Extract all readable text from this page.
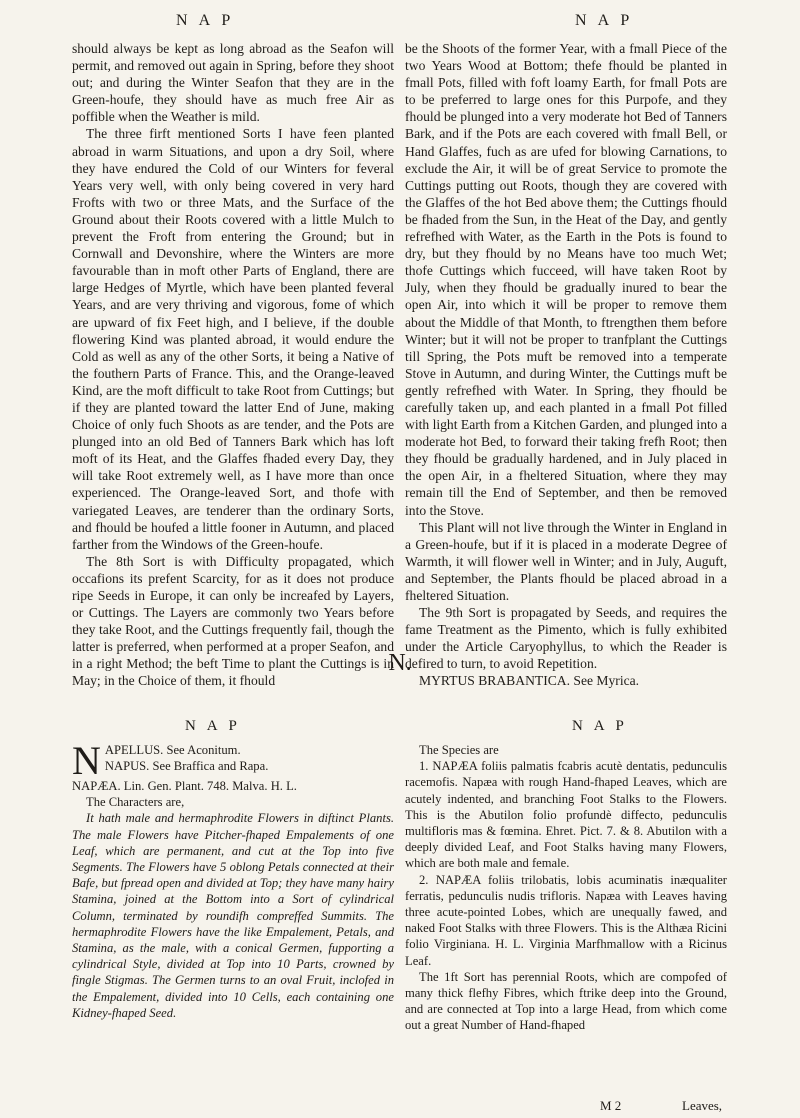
N A P	N A P

should always be kept as long abroad as the Seafon will permit, and removed out again in Spring, before they shoot out; and during the Winter Seafon that they are in the Green-houfe, they should have as much free Air as poffible when the Weather is mild.

The three firft mentioned Sorts I have feen planted abroad in warm Situations, and upon a dry Soil, where they have endured the Cold of our Winters for feveral Years very well, with only being covered in very hard Frofts with two or three Mats, and the Surface of the Ground about their Roots covered with a little Mulch to prevent the Froft from entering the Ground; but in Cornwall and Devonshire, where the Winters are more favourable than in moft other Parts of England, there are large Hedges of Myrtle, which have been planted feveral Years, and are very thriving and vigorous, fome of which are upward of fix Feet high, and I believe, if the double flowering Kind was planted abroad, it would endure the Cold as well as any of the other Sorts, it being a Native of the fouthern Parts of France. This, and the Orange-leaved Kind, are the moft difficult to take Root from Cuttings; but if they are planted toward the latter End of June, making Choice of only fuch Shoots as are tender, and the Pots are plunged into an old Bed of Tanners Bark which has loft moft of its Heat, and the Glaffes fhaded every Day, they will take Root extremely well, as I have more than once experienced. The Orange-leaved Sort, and thofe with variegated Leaves, are tenderer than the ordinary Sorts, and fhould be houfed a little fooner in Autumn, and placed farther from the Windows of the Green-houfe.

The 8th Sort is with Difficulty propagated, which occafions its prefent Scarcity, for as it does not produce ripe Seeds in Europe, it can only be increafed by Layers, or Cuttings. The Layers are commonly two Years before they take Root, and the Cuttings frequently fail, though the latter is preferred, when performed at a proper Seafon, and in a right Method; the beft Time to plant the Cuttings is in May; in the Choice of them, it fhould

be the Shoots of the former Year, with a fmall Piece of the two Years Wood at Bottom; thefe fhould be planted in fmall Pots, filled with foft loamy Earth, for fmall Pots are to be preferred to large ones for this Purpofe, and they fhould be plunged into a very moderate hot Bed of Tanners Bark, and if the Pots are each covered with fmall Bell, or Hand Glaffes, fuch as are ufed for blowing Carnations, to exclude the Air, it will be of great Service to promote the Cuttings putting out Roots, though they are covered with the Glaffes of the hot Bed above them; the Cuttings fhould be fhaded from the Sun, in the Heat of the Day, and gently refrefhed with Water, as the Earth in the Pots is found to dry, but they fhould by no Means have too much Wet; thofe Cuttings which fucceed, will have taken Root by July, when they fhould be gradually inured to bear the open Air, into which it will be proper to remove them about the Middle of that Month, to ftrengthen them before Winter; but it will not be proper to tranfplant the Cuttings till Spring, the Pots muft be removed into a temperate Stove in Autumn, and during Winter, the Cuttings muft be gently refrefhed with Water. In Spring, they fhould be carefully taken up, and each planted in a fmall Pot filled with light Earth from a Kitchen Garden, and plunged into a moderate hot Bed, to forward their taking frefh Root; then they fhould be gradually hardened, and in July placed in the open Air, in a fheltered Situation, where they may remain till the End of September, and then be removed into the Stove.

This Plant will not live through the Winter in England in a Green-houfe, but if it is placed in a moderate Degree of Warmth, it will flower well in Winter; and in July, Auguft, and September, the Plants fhould be placed abroad in a fheltered Situation.

The 9th Sort is propagated by Seeds, and requires the fame Treatment as the Pimento, which is fully exhibited under the Article Caryophyllus, to which the Reader is defired to turn, to avoid Repetition.

MYRTUS BRABANTICA. See Myrica.

N.
N A P	N A P
N APELLUS. See Aconitum.

NAPUS. See Braffica and Rapa.

NAPÆA. Lin. Gen. Plant. 748. Malva. H. L.

The Characters are,

It hath male and hermaphrodite Flowers in diftinct Plants. The male Flowers have Pitcher-fhaped Empalements of one Leaf, which are permanent, and cut at the Top into five Segments. The Flowers have 5 oblong Petals connected at their Bafe, but fpread open and divided at Top; they have many hairy Stamina, joined at the Bottom into a Sort of cylindrical Column, terminated by roundifh compreffed Summits. The hermaphrodite Flowers have the like Empalement, Petals, and Stamina, as the male, with a conical Germen, fupporting a cylindrical Style, divided at Top into 10 Parts, crowned by fingle Stigmas. The Germen turns to an oval Fruit, inclofed in the Empalement, divided into 10 Cells, each containing one Kidney-fhaped Seed.

The Species are

1. NAPÆA foliis palmatis fcabris acutè dentatis, pedunculis racemofis. Napæa with rough Hand-fhaped Leaves, which are acutely indented, and branching Foot Stalks to the Flowers. This is the Abutilon folio profundè diffecto, pedunculis multifloris mas & fœmina. Ehret. Pict. 7. & 8. Abutilon with a deeply divided Leaf, and Foot Stalks having many Flowers, which are both male and female.

2. NAPÆA foliis trilobatis, lobis acuminatis inæqualiter ferratis, pedunculis nudis trifloris. Napæa with Leaves having three acute-pointed Lobes, which are unequally fawed, and naked Foot Stalks with three Flowers. This is the Althæa Ricini folio Virginiana. H. L. Virginia Marfhmallow with a Ricinus Leaf.

The 1ft Sort has perennial Roots, which are compofed of many thick flefhy Fibres, which ftrike deep into the Ground, and are connected at Top into a large Head, from which come out a great Number of Hand-fhaped

M 2	Leaves,
